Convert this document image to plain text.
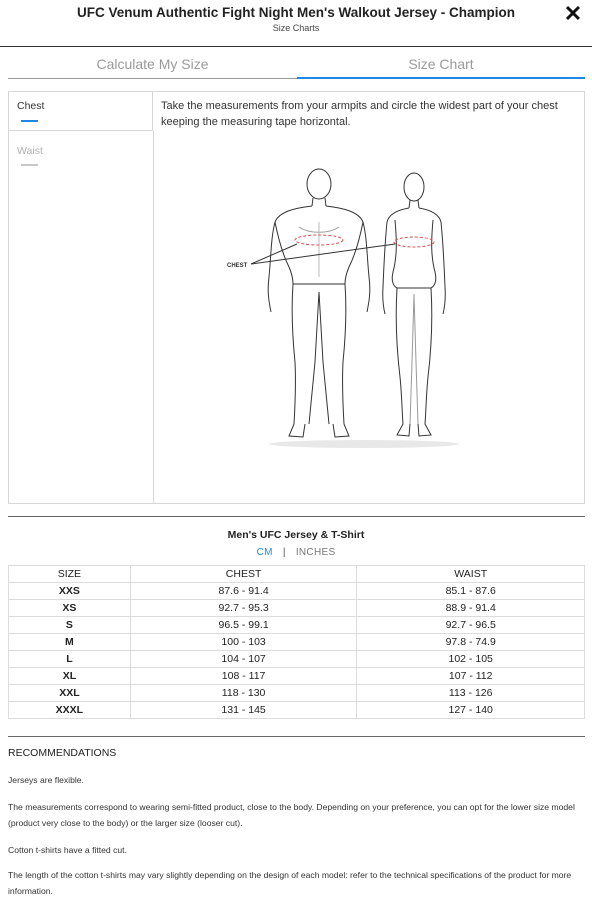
UFC Venum Authentic Fight Night Men's Walkout Jersey - Champion
Size Charts
✕
Calculate My Size	Size Chart
Chest
Waist
Take the measurements from your armpits and circle the widest part of your chest keeping the measuring tape horizontal.
CHEST
Men's UFC Jersey & T-Shirt
CM | INCHES
SIZE	CHEST	WAIST
XXS	87.6 - 91.4	85.1 - 87.6
XS	92.7 - 95.3	88.9 - 91.4
S	96.5 - 99.1	92.7 - 96.5
M	100 - 103	97.8 - 74.9
L	104 - 107	102 - 105
XL	108 - 117	107 - 112
XXL	118 - 130	113 - 126
XXXL	131 - 145	127 - 140
RECOMMENDATIONS

Jerseys are flexible.

The measurements correspond to wearing semi-fitted product, close to the body. Depending on your preference, you can opt for the lower size model (product very close to the body) or the larger size (looser cut).

Cotton t-shirts have a fitted cut.

The length of the cotton t-shirts may vary slightly depending on the design of each model: refer to the technical specifications of the product for more information.
